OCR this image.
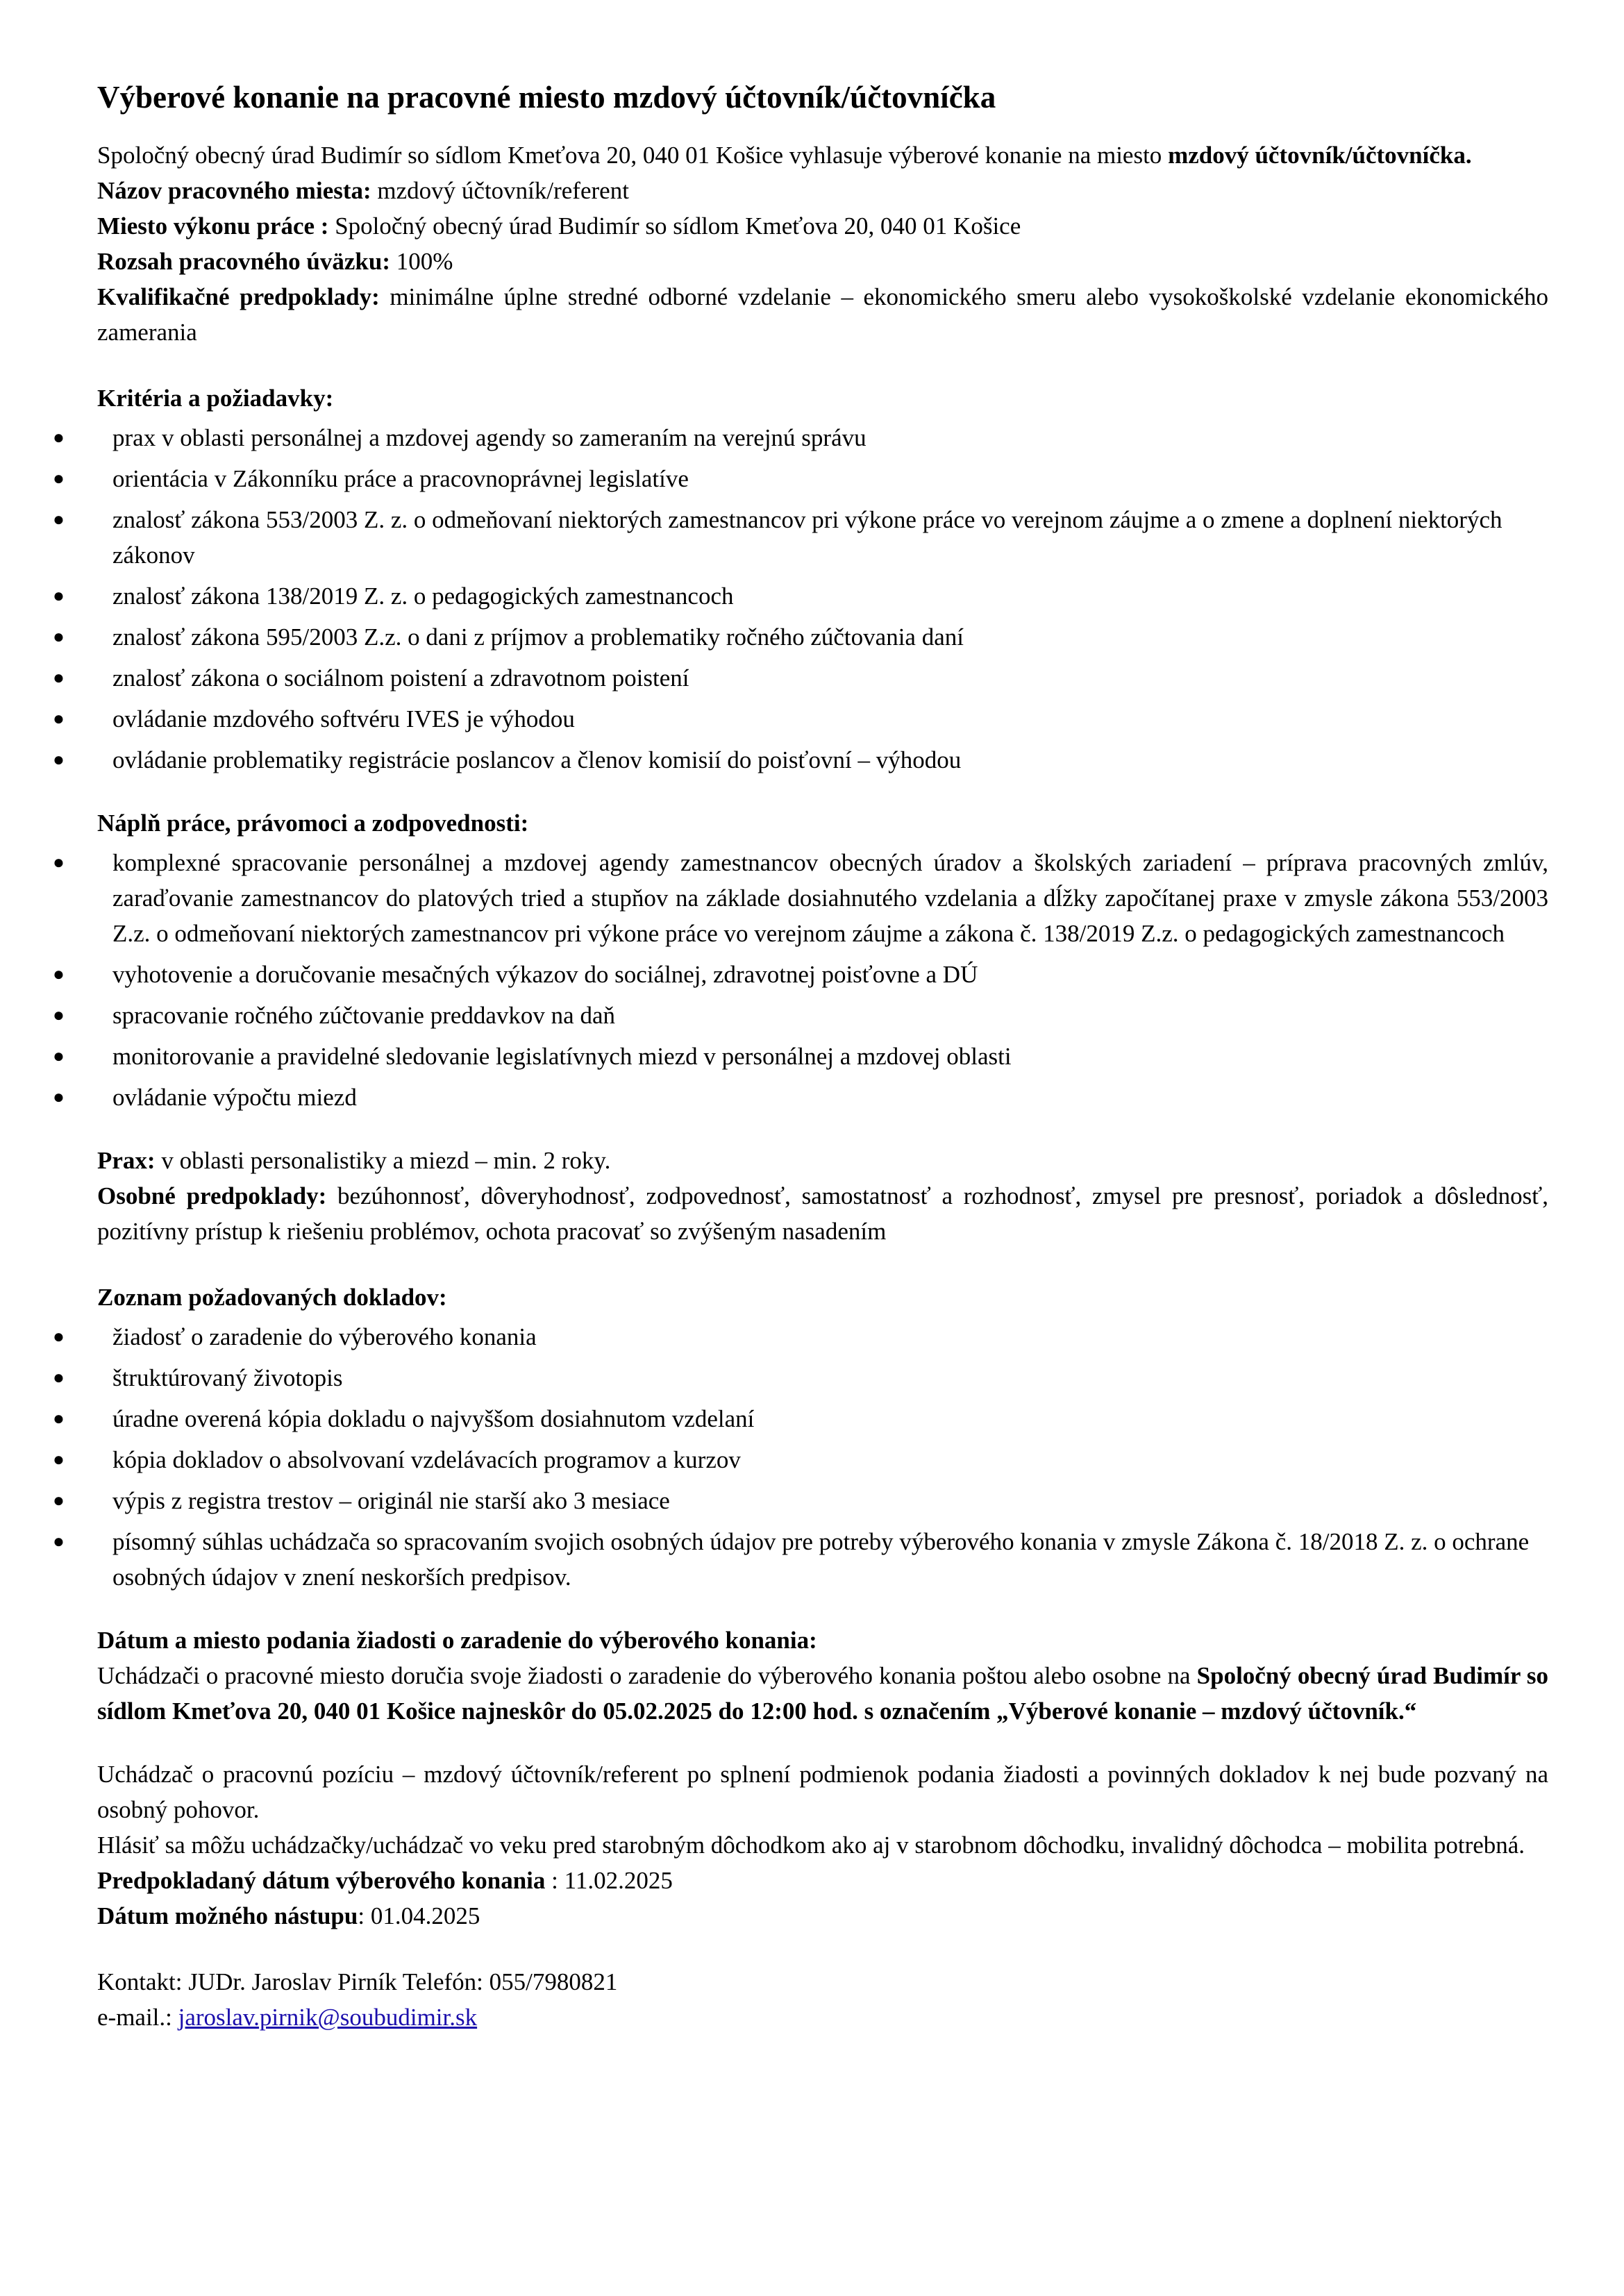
Výberové konanie na pracovné miesto mzdový účtovník/účtovníčka

Spoločný obecný úrad Budimír so sídlom Kmeťova 20, 040 01 Košice vyhlasuje výberové konanie na miesto mzdový účtovník/účtovníčka.

Názov pracovného miesta: mzdový účtovník/referent

Miesto výkonu práce : Spoločný obecný úrad Budimír so sídlom Kmeťova 20, 040 01 Košice

Rozsah pracovného úväzku: 100%

Kvalifikačné predpoklady: minimálne úplne stredné odborné vzdelanie – ekonomického smeru alebo vysokoškolské vzdelanie ekonomického zamerania

Kritéria a požiadavky:

● prax v oblasti personálnej a mzdovej agendy so zameraním na verejnú správu
● orientácia v Zákonníku práce a pracovnoprávnej legislatíve
● znalosť zákona 553/2003 Z. z. o odmeňovaní niektorých zamestnancov pri výkone práce vo verejnom záujme a o zmene a doplnení niektorých zákonov
● znalosť zákona 138/2019 Z. z. o pedagogických zamestnancoch
● znalosť zákona 595/2003 Z.z. o dani z príjmov a problematiky ročného zúčtovania daní
● znalosť zákona o sociálnom poistení a zdravotnom poistení
● ovládanie mzdového softvéru IVES je výhodou
● ovládanie problematiky registrácie poslancov a členov komisií do poisťovní – výhodou

Náplň práce, právomoci a zodpovednosti:

● komplexné spracovanie personálnej a mzdovej agendy zamestnancov obecných úradov a školských zariadení – príprava pracovných zmlúv, zaraďovanie zamestnancov do platových tried a stupňov na základe dosiahnutého vzdelania a dĺžky započítanej praxe v zmysle zákona 553/2003 Z.z. o odmeňovaní niektorých zamestnancov pri výkone práce vo verejnom záujme a zákona č. 138/2019 Z.z. o pedagogických zamestnancoch
● vyhotovenie a doručovanie mesačných výkazov do sociálnej, zdravotnej poisťovne a DÚ
● spracovanie ročného zúčtovanie preddavkov na daň
● monitorovanie a pravidelné sledovanie legislatívnych miezd v personálnej a mzdovej oblasti
● ovládanie výpočtu miezd

Prax: v oblasti personalistiky a miezd – min. 2 roky.

Osobné predpoklady: bezúhonnosť, dôveryhodnosť, zodpovednosť, samostatnosť a rozhodnosť, zmysel pre presnosť, poriadok a dôslednosť, pozitívny prístup k riešeniu problémov, ochota pracovať so zvýšeným nasadením

Zoznam požadovaných dokladov:

● žiadosť o zaradenie do výberového konania
● štruktúrovaný životopis
● úradne overená kópia dokladu o najvyššom dosiahnutom vzdelaní
● kópia dokladov o absolvovaní vzdelávacích programov a kurzov
● výpis z registra trestov – originál nie starší ako 3 mesiace
● písomný súhlas uchádzača so spracovaním svojich osobných údajov pre potreby výberového konania v zmysle Zákona č. 18/2018 Z. z. o ochrane osobných údajov v znení neskorších predpisov.

Dátum a miesto podania žiadosti o zaradenie do výberového konania:

Uchádzači o pracovné miesto doručia svoje žiadosti o zaradenie do výberového konania poštou alebo osobne na Spoločný obecný úrad Budimír so sídlom Kmeťova 20, 040 01 Košice najneskôr do 05.02.2025 do 12:00 hod. s označením „Výberové konanie – mzdový účtovník.“

Uchádzač o pracovnú pozíciu – mzdový účtovník/referent po splnení podmienok podania žiadosti a povinných dokladov k nej bude pozvaný na osobný pohovor.

Hlásiť sa môžu uchádzačky/uchádzač vo veku pred starobným dôchodkom ako aj v starobnom dôchodku, invalidný dôchodca – mobilita potrebná.

Predpokladaný dátum výberového konania : 11.02.2025

Dátum možného nástupu: 01.04.2025

Kontakt: JUDr. Jaroslav Pirník Telefón: 055/7980821

e-mail.: jaroslav.pirnik@soubudimir.sk
